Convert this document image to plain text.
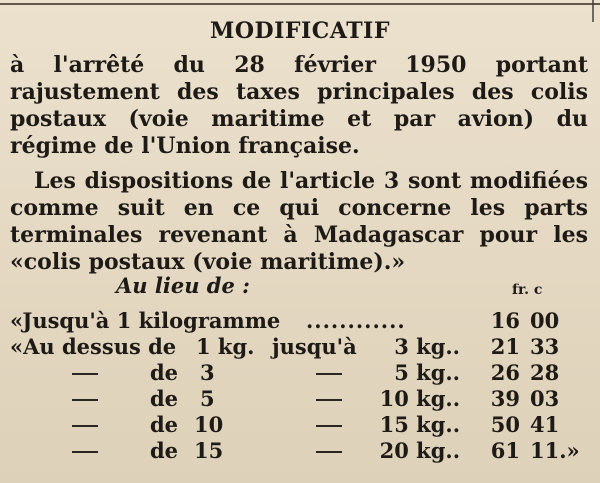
MODIFICATIF
à l'arrêté du 28 février 1950 portant rajustement des taxes principales des colis postaux (voie maritime et par avion) du régime de l'Union française.
Les dispositions de l'article 3 sont modifiées comme suit en ce qui concerne les parts terminales revenant à Madagascar pour les «colis postaux (voie maritime).»
Au lieu de :	fr. c
«Jusqu'à 1 kilogramme ............	16 00
«Au dessus de 1 kg. jusqu'à	3 kg.. 21 33
de 3	5 kg.. 26 28
de 5	10 kg.. 39 03
de 10	15 kg.. 50 41
de 15	20 kg.. 61 11.»
